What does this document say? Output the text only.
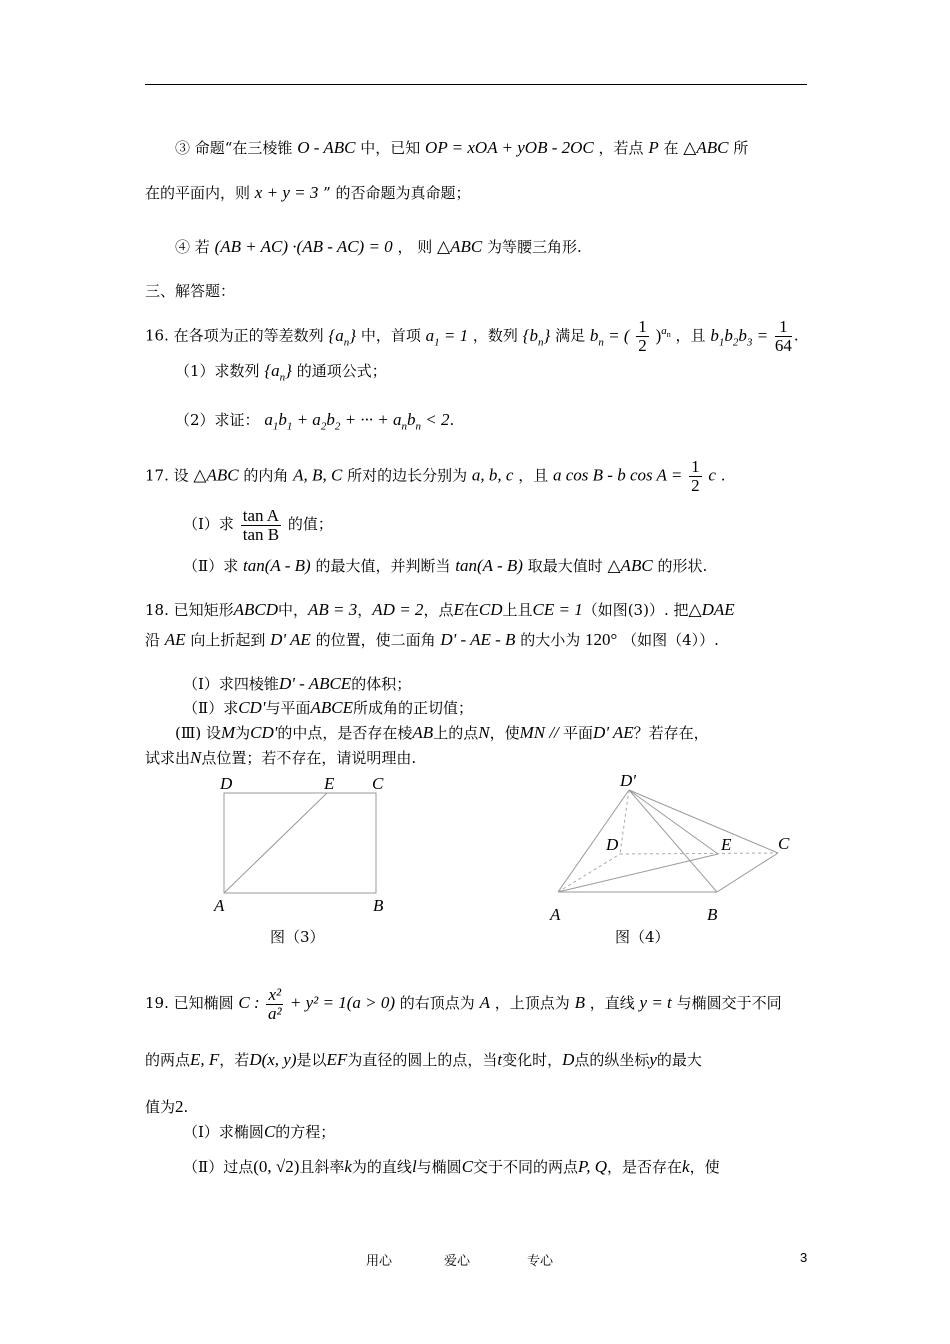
③ 命题“在三棱锥 O - ABC 中，已知 OP = xOA + yOB - 2OC ，若点 P 在 △ABC 所
在的平面内，则 x + y = 3 ” 的否命题为真命题；
④ 若 (AB + AC) ·(AB - AC) = 0 ， 则 △ABC 为等腰三角形.
三、解答题：
16. 在各项为正的等差数列 $\{a_n\}$ 中，首项 $a_1 = 1$ ，数列 $\{b_n\}$ 满足 $b_n$ = ( $\frac{1}{2} )^{a_n}$ ，且 $b_1b_2b_3 = \frac{1}{64}$ .
（1）求数列 $\{a_n\}$ 的通项公式；
（2）求证： $a_1b_1 + a_2b_2$ + ··· + $a_nb_n < 2$.
17. 设 △ABC 的内角 A, B, C 所对的边长分别为 a, b, c ，且 a cos B - b $\cos A = \frac{1}{2}$ c .
（Ⅰ）求 $\frac{\text{tan A}}{\text{tan B}}$ 的值；
（Ⅱ）求 tan(A - B) 的最大值，并判断当 tan(A - B) 取最大值时 △ABC 的形状.
18. 已知矩形ABCD中，AB = 3，AD = 2，点E在CD上且CE = 1（如图(3)）. 把△DAE
沿 AE 向上折起到 D' AE 的位置，使二面角 D' - AE - B 的大小为 120° （如图（4））.
（Ⅰ）求四棱锥D' - ABCE的体积；
（Ⅱ）求CD'与平面ABCE所成角的正切值；
(Ⅲ) 设M为CD'的中点，是否存在棱AB上的点N，使MN // 平面D' AE？若存在，
试求出N点位置；若不存在，请说明理由.
D	E C
A	B
图（3）
D'
D	E	C
A	B
图（4）
19. 已知椭圆 C : $\frac{\text{x²}}{\text{a²}} + y^2 = 1(a > 0)$ 的右顶点为 A ，上顶点为 B ，直线 y = t 与椭圆交于不同
的两点E, F，若D(x, y)是以EF为直径的圆上的点，当t变化时，D点的纵坐标y的最大
值为2.
（Ⅰ）求椭圆C的方程；
（Ⅱ）过点(0, √2)且斜率k为的直线l与椭圆C交于不同的两点P, Q，是否存在k，使
用心	爱心	专心	3
